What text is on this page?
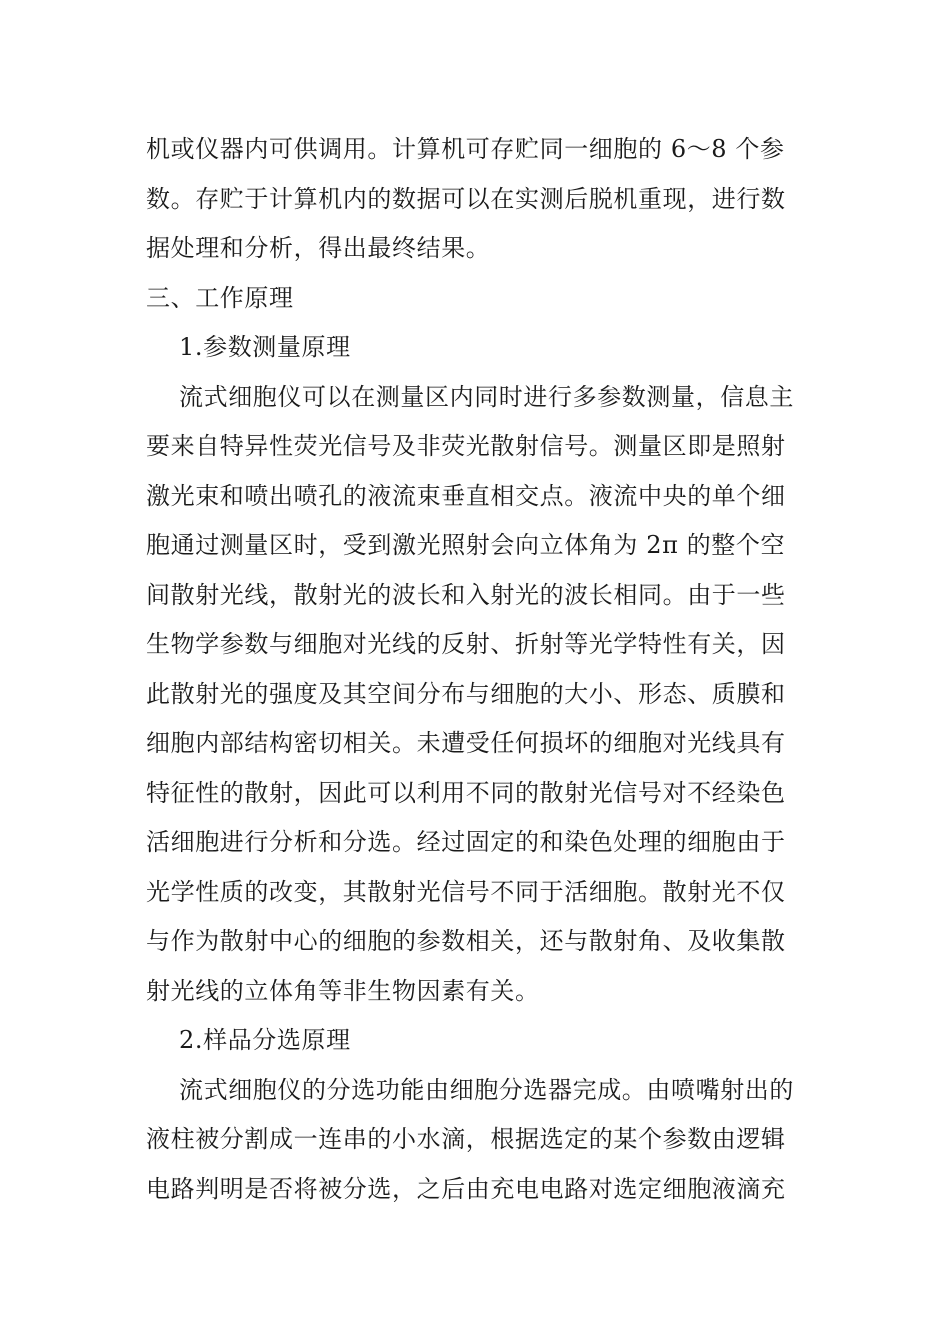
机或仪器内可供调用。计算机可存贮同一细胞的 6～8 个参
数。存贮于计算机内的数据可以在实测后脱机重现，进行数
据处理和分析，得出最终结果。
三、工作原理
1.参数测量原理
流式细胞仪可以在测量区内同时进行多参数测量，信息主
要来自特异性荧光信号及非荧光散射信号。测量区即是照射
激光束和喷出喷孔的液流束垂直相交点。液流中央的单个细
胞通过测量区时，受到激光照射会向立体角为 2π 的整个空
间散射光线，散射光的波长和入射光的波长相同。由于一些
生物学参数与细胞对光线的反射、折射等光学特性有关，因
此散射光的强度及其空间分布与细胞的大小、形态、质膜和
细胞内部结构密切相关。未遭受任何损坏的细胞对光线具有
特征性的散射，因此可以利用不同的散射光信号对不经染色
活细胞进行分析和分选。经过固定的和染色处理的细胞由于
光学性质的改变，其散射光信号不同于活细胞。散射光不仅
与作为散射中心的细胞的参数相关，还与散射角、及收集散
射光线的立体角等非生物因素有关。
2.样品分选原理
流式细胞仪的分选功能由细胞分选器完成。由喷嘴射出的
液柱被分割成一连串的小水滴，根据选定的某个参数由逻辑
电路判明是否将被分选，之后由充电电路对选定细胞液滴充
